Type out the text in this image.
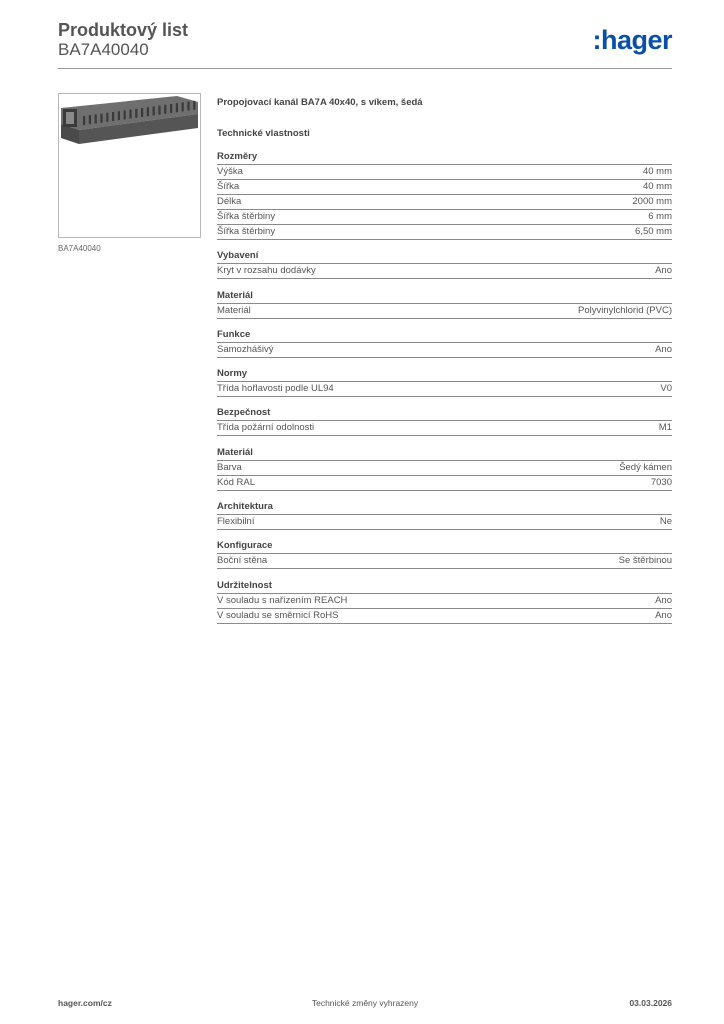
Produktový list
BA7A40040	:hager
BA7A40040
Propojovací kanál BA7A 40x40, s víkem, šedá
Technické vlastnosti
Rozměry
Výška	40 mm
Šířka	40 mm
Délka	2000 mm
Šířka štěrbiny	6 mm
Šířka štěrbiny	6,50 mm
Vybavení
Kryt v rozsahu dodávky	Ano
Materiál
Materiál	Polyvinylchlorid (PVC)
Funkce
Samozhášivý	Ano
Normy
Třída hořlavosti podle UL94	V0
Bezpečnost
Třída požární odolnosti	M1
Materiál
Barva	Šedý kámen
Kód RAL	7030
Architektura
Flexibilní	Ne
Konfigurace
Boční stěna	Se štěrbinou
Udržitelnost
V souladu s nařízením REACH	Ano
V souladu se směrnicí RoHS	Ano
hager.com/cz	Technické změny vyhrazeny	03.03.2026
